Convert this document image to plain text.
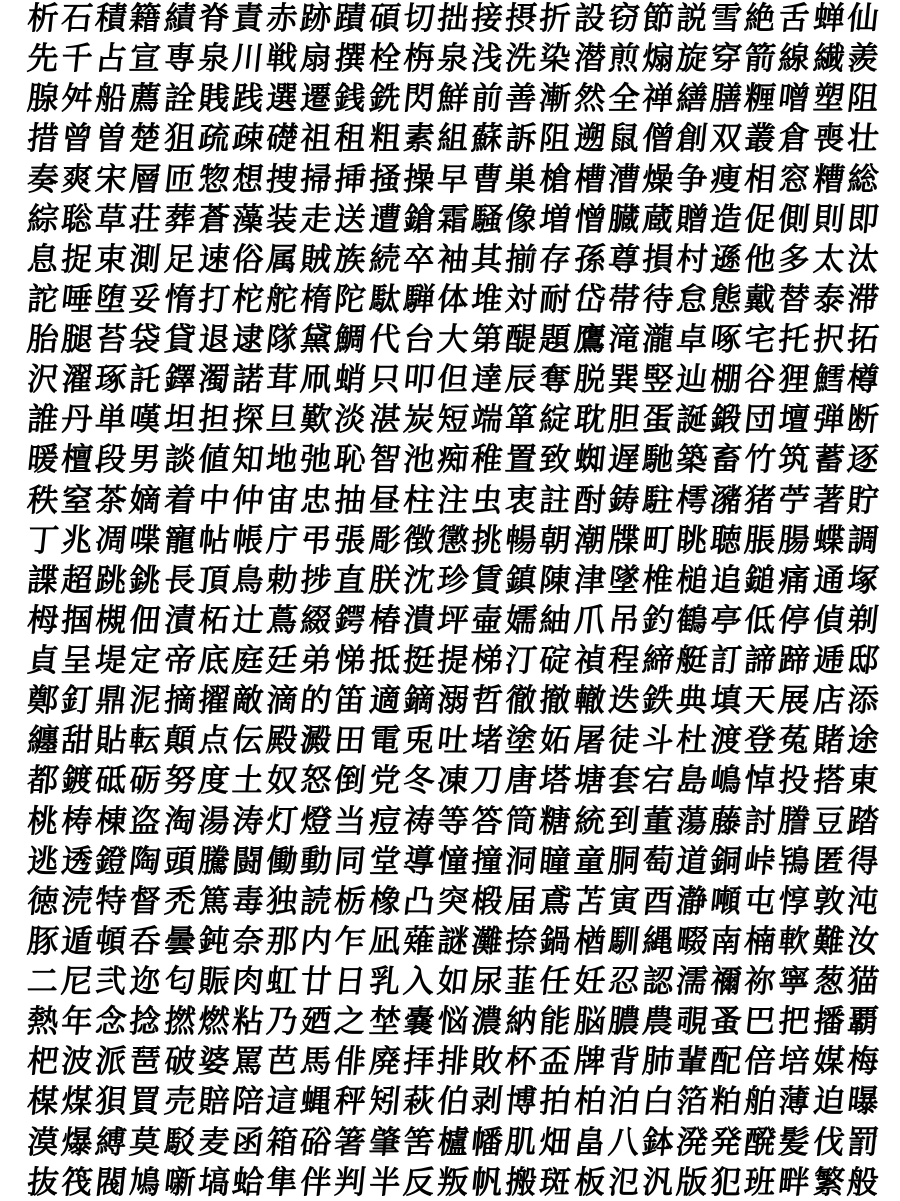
析 石 積 籍 績 脊 責 赤 跡 蹟 碩 切 拙 接 摂 折 設 窃 節 説 雪 絶 舌 蝉 仙
先 千 占 宣 専 泉 川 戦 扇 撰 栓 栴 泉 浅 洗 染 潜 煎 煽 旋 穿 箭 線 繊 羨
腺 舛 船 薦 詮 賎 践 選 遷 銭 銑 閃 鮮 前 善 漸 然 全 禅 繕 膳 糎 噌 塑 阻
措 曾 曽 楚 狙 疏 疎 礎 祖 租 粗 素 組 蘇 訴 阻 遡 鼠 僧 創 双 叢 倉 喪 壮
奏 爽 宋 層 匝 惣 想 捜 掃 挿 掻 操 早 曹 巣 槍 槽 漕 燥 争 痩 相 窓 糟 総
綜 聡 草 荘 葬 蒼 藻 装 走 送 遭 鎗 霜 騒 像 増 憎 臓 蔵 贈 造 促 側 則 即
息 捉 束 測 足 速 俗 属 賊 族 続 卒 袖 其 揃 存 孫 尊 損 村 遜 他 多 太 汰
詑 唾 堕 妥 惰 打 柁 舵 楕 陀 駄 騨 体 堆 対 耐 岱 帯 待 怠 態 戴 替 泰 滞
胎 腿 苔 袋 貸 退 逮 隊 黛 鯛 代 台 大 第 醍 題 鷹 滝 瀧 卓 啄 宅 托 択 拓
沢 濯 琢 託 鐸 濁 諾 茸 凧 蛸 只 叩 但 達 辰 奪 脱 巽 竪 辿 棚 谷 狸 鱈 樽
誰 丹 単 嘆 坦 担 探 旦 歎 淡 湛 炭 短 端 箪 綻 耽 胆 蛋 誕 鍛 団 壇 弾 断
暖 檀 段 男 談 値 知 地 弛 恥 智 池 痴 稚 置 致 蜘 遅 馳 築 畜 竹 筑 蓄 逐
秩 窒 茶 嫡 着 中 仲 宙 忠 抽 昼 柱 注 虫 衷 註 酎 鋳 駐 樗 瀦 猪 苧 著 貯
丁 兆 凋 喋 寵 帖 帳 庁 弔 張 彫 徴 懲 挑 暢 朝 潮 牒 町 眺 聴 脹 腸 蝶 調
諜 超 跳 銚 長 頂 鳥 勅 捗 直 朕 沈 珍 賃 鎮 陳 津 墜 椎 槌 追 鎚 痛 通 塚
栂 掴 槻 佃 漬 柘 辻 蔦 綴 鍔 椿 潰 坪 壷 嬬 紬 爪 吊 釣 鶴 亭 低 停 偵 剃
貞 呈 堤 定 帝 底 庭 廷 弟 悌 抵 挺 提 梯 汀 碇 禎 程 締 艇 訂 諦 蹄 逓 邸
鄭 釘 鼎 泥 摘 擢 敵 滴 的 笛 適 鏑 溺 哲 徹 撤 轍 迭 鉄 典 填 天 展 店 添
纏 甜 貼 転 顛 点 伝 殿 澱 田 電 兎 吐 堵 塗 妬 屠 徒 斗 杜 渡 登 菟 賭 途
都 鍍 砥 砺 努 度 土 奴 怒 倒 党 冬 凍 刀 唐 塔 塘 套 宕 島 嶋 悼 投 搭 東
桃 梼 棟 盗 淘 湯 涛 灯 燈 当 痘 祷 等 答 筒 糖 統 到 董 蕩 藤 討 謄 豆 踏
逃 透 鐙 陶 頭 騰 闘 働 動 同 堂 導 憧 撞 洞 瞳 童 胴 萄 道 銅 峠 鴇 匿 得
徳 涜 特 督 禿 篤 毒 独 読 栃 橡 凸 突 椴 届 鳶 苫 寅 酉 瀞 噸 屯 惇 敦 沌
豚 遁 頓 呑 曇 鈍 奈 那 内 乍 凪 薙 謎 灘 捺 鍋 楢 馴 縄 畷 南 楠 軟 難 汝
二 尼 弐 迩 匂 賑 肉 虹 廿 日 乳 入 如 尿 韮 任 妊 忍 認 濡 禰 祢 寧 葱 猫
熱 年 念 捻 撚 燃 粘 乃 廼 之 埜 嚢 悩 濃 納 能 脳 膿 農 覗 蚤 巴 把 播 覇
杷 波 派 琶 破 婆 罵 芭 馬 俳 廃 拝 排 敗 杯 盃 牌 背 肺 輩 配 倍 培 媒 梅
楳 煤 狽 買 売 賠 陪 這 蝿 秤 矧 萩 伯 剥 博 拍 柏 泊 白 箔 粕 舶 薄 迫 曝
漠 爆 縛 莫 駁 麦 函 箱 硲 箸 肇 筈 櫨 幡 肌 畑 畠 八 鉢 溌 発 醗 髪 伐 罰
抜 筏 閥 鳩 噺 塙 蛤 隼 伴 判 半 反 叛 帆 搬 斑 板 氾 汎 版 犯 班 畔 繁 般
